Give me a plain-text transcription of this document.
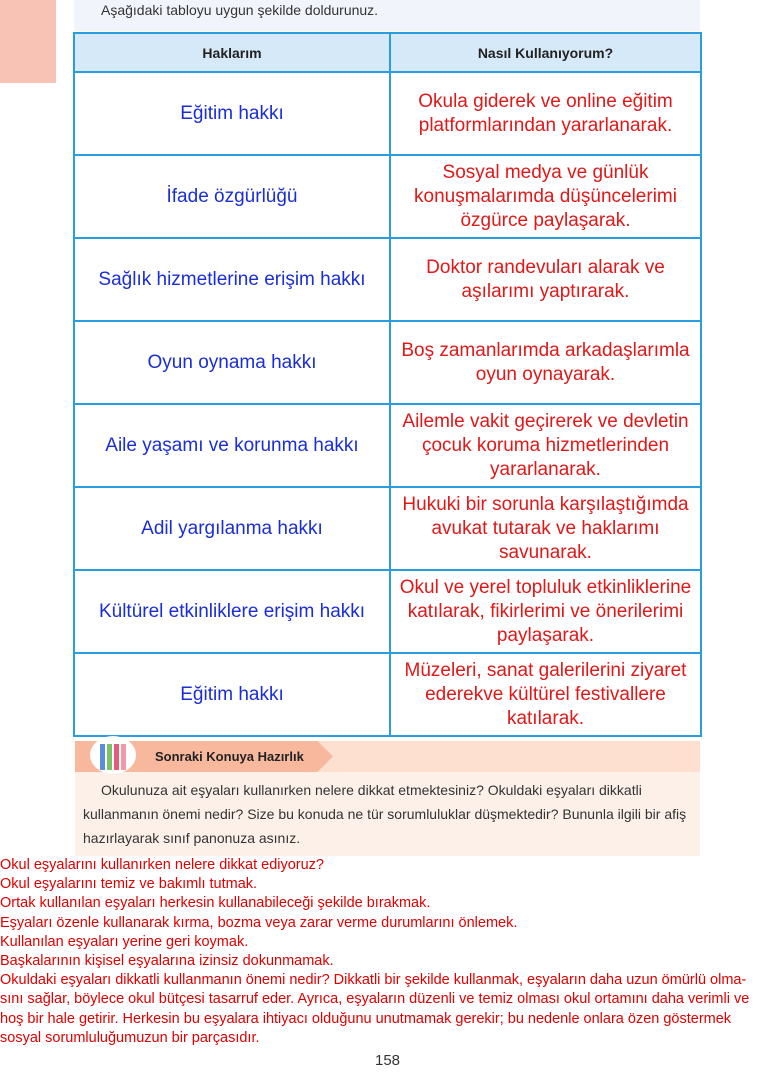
Aşağıdaki tabloyu uygun şekilde doldurunuz.
Haklarım	Nasıl Kullanıyorum?
Eğitim hakkı	Okula giderek ve online eğitim platformlarından yararlanarak.
İfade özgürlüğü	Sosyal medya ve günlük konuşmalarımda düşüncelerimi özgürce paylaşarak.
Sağlık hizmetlerine erişim hakkı	Doktor randevuları alarak ve aşılarımı yaptırarak.
Oyun oynama hakkı	Boş zamanlarımda arkadaşlarımla oyun oynayarak.
Aile yaşamı ve korunma hakkı	Ailemle vakit geçirerek ve devletin çocuk koruma hizmetlerinden yararlanarak.
Adil yargılanma hakkı	Hukuki bir sorunla karşılaştığımda avukat tutarak ve haklarımı savunarak.
Kültürel etkinliklere erişim hakkı	Okul ve yerel topluluk etkinliklerine katılarak, fikirlerimi ve önerilerimi paylaşarak.
Eğitim hakkı	Müzeleri, sanat galerilerini ziyaret ederekve kültürel festivallere katılarak.
Sonraki Konuya Hazırlık
Okulunuza ait eşyaları kullanırken nelere dikkat etmektesiniz? Okuldaki eşyaları dikkatli kullanmanın önemi nedir? Size bu konuda ne tür sorumluluklar düşmektedir? Bununla ilgili bir afiş hazırlayarak sınıf panonuza asınız.
Okul eşyalarını kullanırken nelere dikkat ediyoruz?
Okul eşyalarını temiz ve bakımlı tutmak.
Ortak kullanılan eşyaları herkesin kullanabileceği şekilde bırakmak.
Eşyaları özenle kullanarak kırma, bozma veya zarar verme durumlarını önlemek.
Kullanılan eşyaları yerine geri koymak.
Başkalarının kişisel eşyalarına izinsiz dokunmamak.
Okuldaki eşyaları dikkatli kullanmanın önemi nedir? Dikkatli bir şekilde kullanmak, eşyaların daha uzun ömürlü olma-
sını sağlar, böylece okul bütçesi tasarruf eder. Ayrıca, eşyaların düzenli ve temiz olması okul ortamını daha verimli ve
hoş bir hale getirir. Herkesin bu eşyalara ihtiyacı olduğunu unutmamak gerekir; bu nedenle onlara özen göstermek
sosyal sorumluluğumuzun bir parçasıdır.
158
